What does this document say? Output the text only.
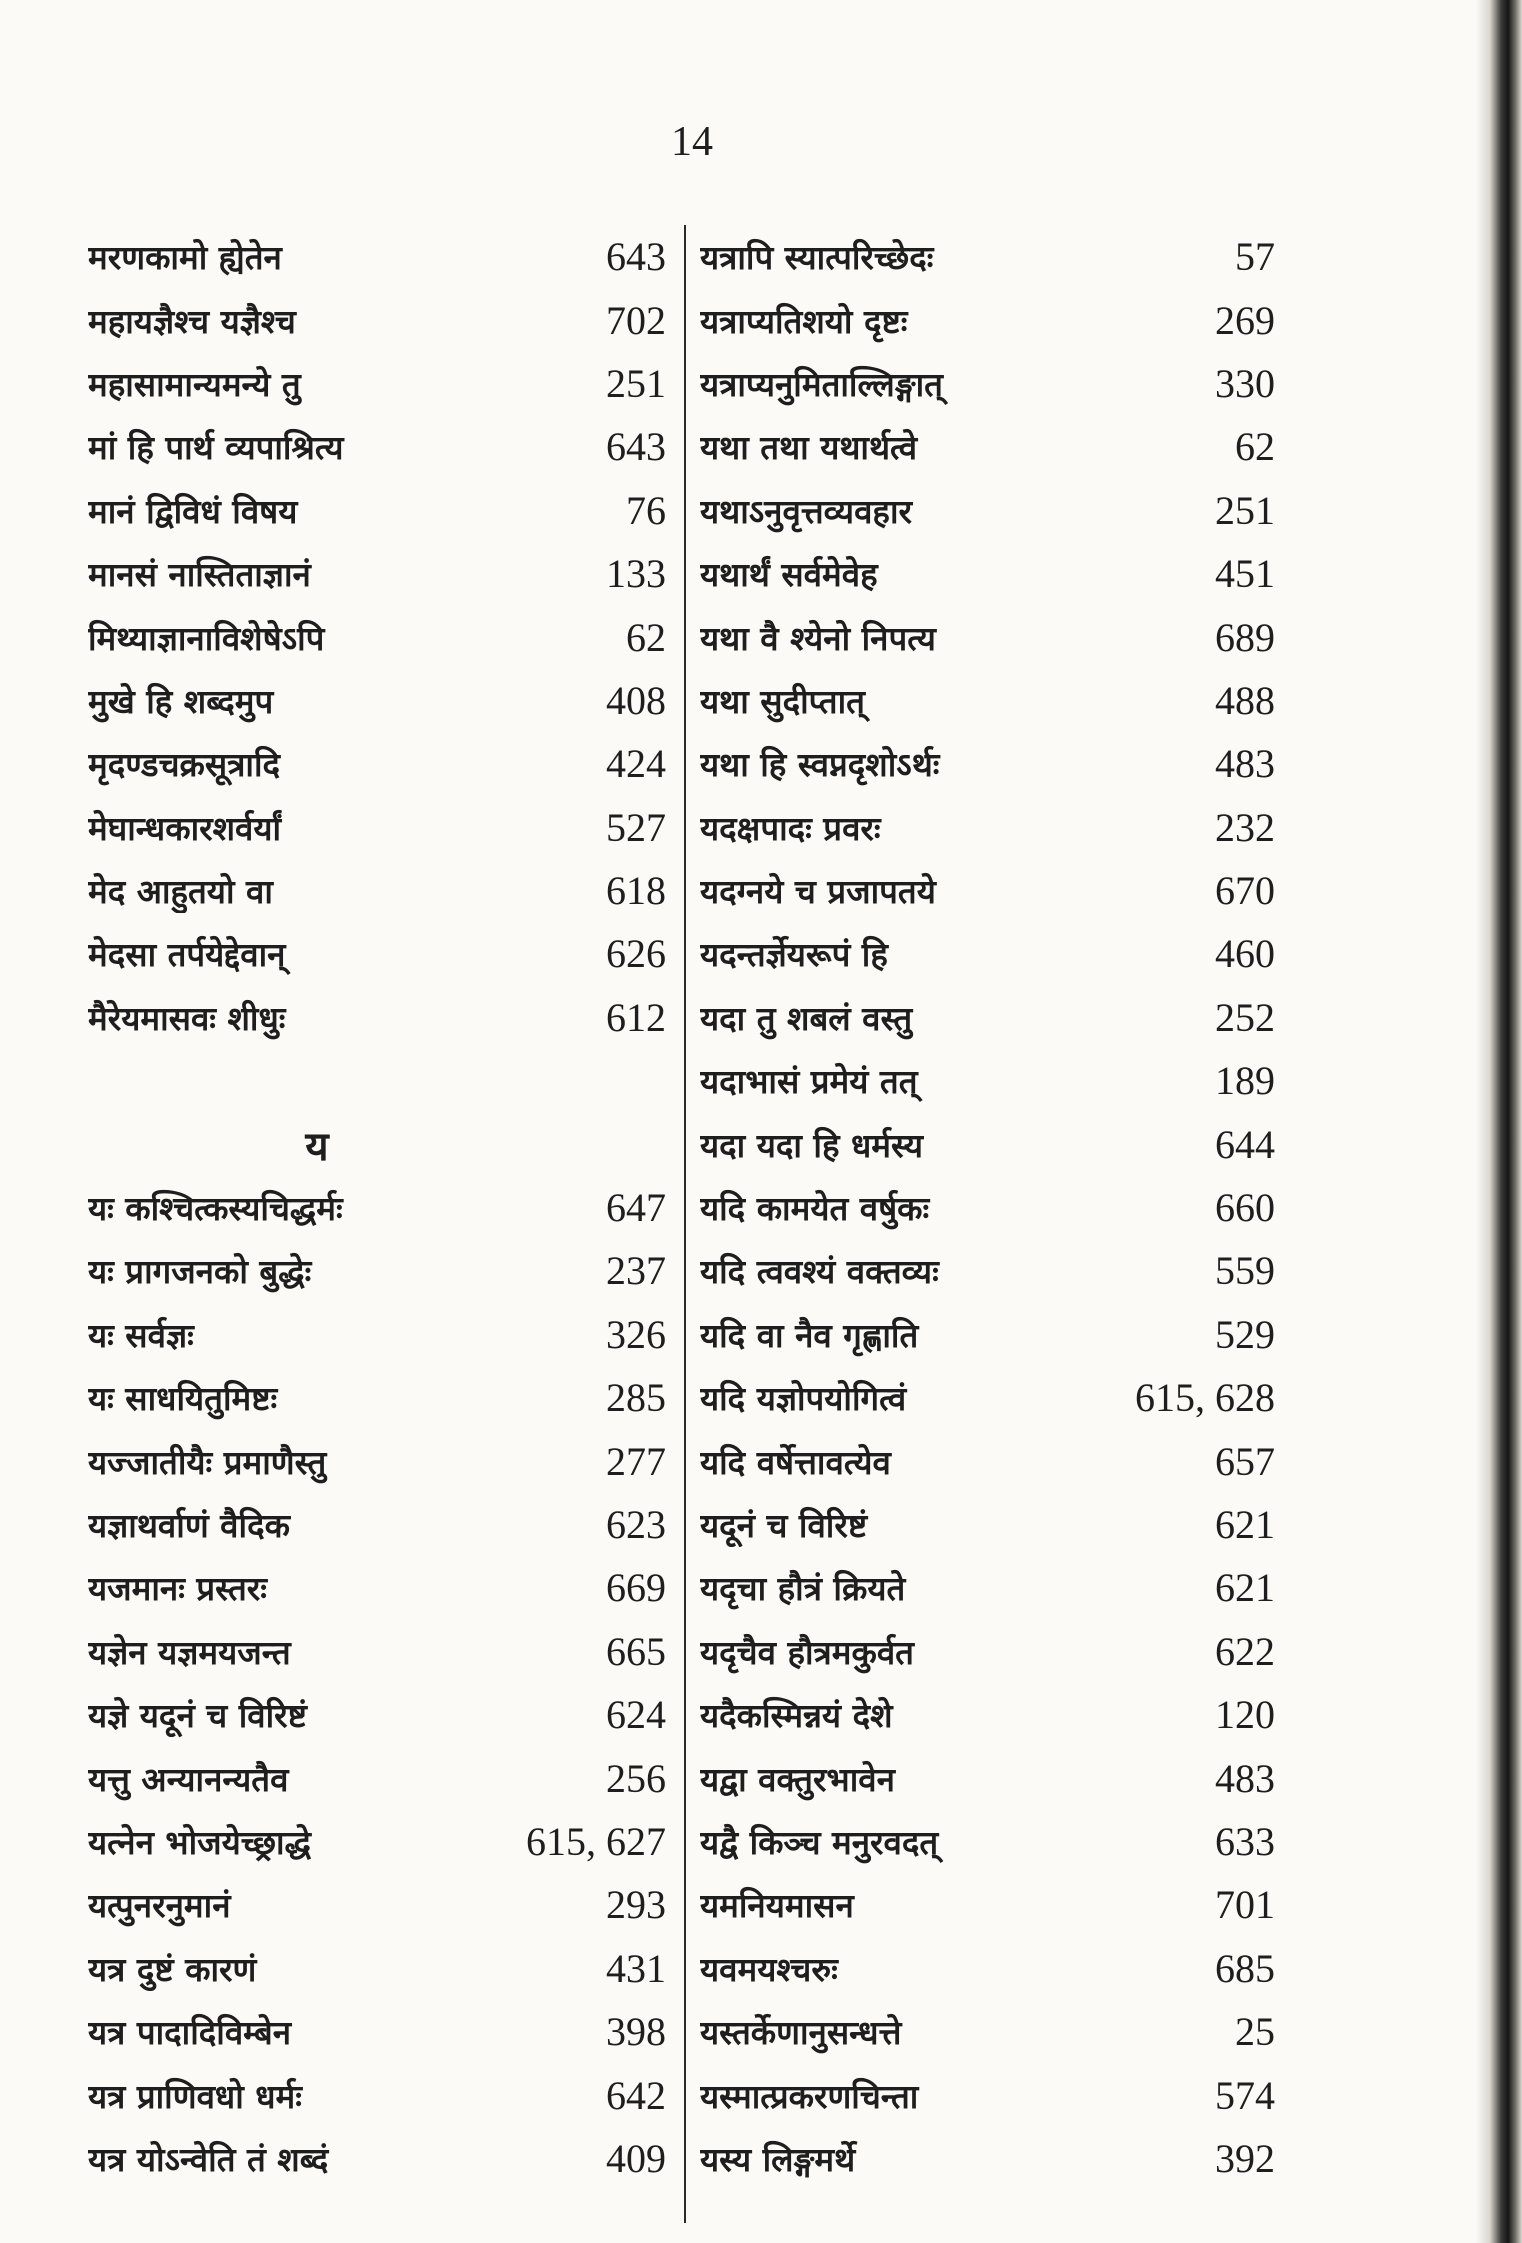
14
मरणकामो ह्येतेन	643
महायज्ञैश्च यज्ञैश्च	702
महासामान्यमन्ये तु	251
मां हि पार्थ व्यपाश्रित्य	643
मानं द्विविधं विषय	76
मानसं नास्तिताज्ञानं	133
मिथ्याज्ञानाविशेषेऽपि	62
मुखे हि शब्दमुप	408
मृदण्डचक्रसूत्रादि	424
मेघान्धकारशर्वर्यां	527
मेद आहुतयो वा	618
मेदसा तर्पयेद्देवान्	626
मैरेयमासवः शीधुः	612
य
यः कश्चित्कस्यचिद्धर्मः	647
यः प्रागजनको बुद्धेः	237
यः सर्वज्ञः	326
यः साधयितुमिष्टः	285
यज्जातीयैः प्रमाणैस्तु	277
यज्ञाथर्वाणं वैदिक	623
यजमानः प्रस्तरः	669
यज्ञेन यज्ञमयजन्त	665
यज्ञे यदूनं च विरिष्टं	624
यत्तु अन्यानन्यतैव	256
यत्नेन भोजयेच्छ्राद्धे	615, 627
यत्पुनरनुमानं	293
यत्र दुष्टं कारणं	431
यत्र पादादिविम्बेन	398
यत्र प्राणिवधो धर्मः	642
यत्र योऽन्वेति तं शब्दं	409
यत्रापि स्यात्परिच्छेदः	57
यत्राप्यतिशयो दृष्टः	269
यत्राप्यनुमिताल्लिङ्गात्	330
यथा तथा यथार्थत्वे	62
यथाऽनुवृत्तव्यवहार	251
यथार्थं सर्वमेवेह	451
यथा वै श्येनो निपत्य	689
यथा सुदीप्तात्	488
यथा हि स्वप्नदृशोऽर्थः	483
यदक्षपादः प्रवरः	232
यदग्नये च प्रजापतये	670
यदन्तर्ज्ञेयरूपं हि	460
यदा तु शबलं वस्तु	252
यदाभासं प्रमेयं तत्	189
यदा यदा हि धर्मस्य	644
यदि कामयेत वर्षुकः	660
यदि त्ववश्यं वक्तव्यः	559
यदि वा नैव गृह्णाति	529
यदि यज्ञोपयोगित्वं	615, 628
यदि वर्षेत्तावत्येव	657
यदूनं च विरिष्टं	621
यदृचा हौत्रं क्रियते	621
यदृचैव हौत्रमकुर्वत	622
यदैकस्मिन्नयं देशे	120
यद्वा वक्तुरभावेन	483
यद्वै किञ्च मनुरवदत्	633
यमनियमासन	701
यवमयश्चरुः	685
यस्तर्केणानुसन्धत्ते	25
यस्मात्प्रकरणचिन्ता	574
यस्य लिङ्गमर्थे	392
